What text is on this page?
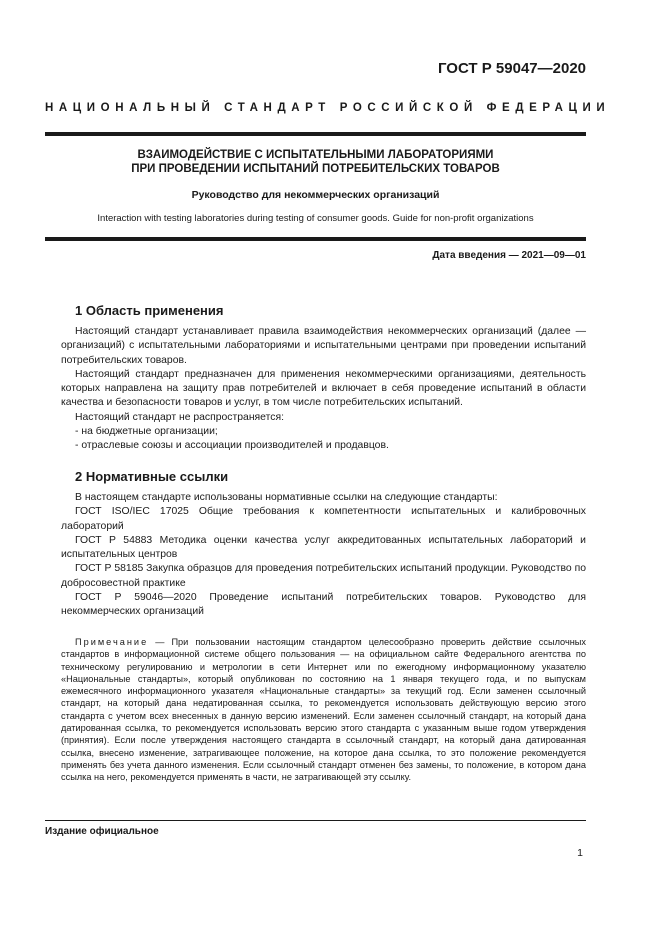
ГОСТ Р 59047—2020
НАЦИОНАЛЬНЫЙ СТАНДАРТ РОССИЙСКОЙ ФЕДЕРАЦИИ
ВЗАИМОДЕЙСТВИЕ С ИСПЫТАТЕЛЬНЫМИ ЛАБОРАТОРИЯМИ
ПРИ ПРОВЕДЕНИИ ИСПЫТАНИЙ ПОТРЕБИТЕЛЬСКИХ ТОВАРОВ
Руководство для некоммерческих организаций
Interaction with testing laboratories during testing of consumer goods. Guide for non-profit organizations
Дата введения — 2021—09—01
1 Область применения

Настоящий стандарт устанавливает правила взаимодействия некоммерческих организаций (далее — организаций) с испытательными лабораториями и испытательными центрами при проведении испытаний потребительских товаров.

Настоящий стандарт предназначен для применения некоммерческими организациями, деятельность которых направлена на защиту прав потребителей и включает в себя проведение испытаний в области качества и безопасности товаров и услуг, в том числе потребительских испытаний.

Настоящий стандарт не распространяется:

- на бюджетные организации;

- отраслевые союзы и ассоциации производителей и продавцов.

2 Нормативные ссылки

В настоящем стандарте использованы нормативные ссылки на следующие стандарты:

ГОСТ ISO/IEC 17025 Общие требования к компетентности испытательных и калибровочных лабораторий

ГОСТ Р 54883 Методика оценки качества услуг аккредитованных испытательных лабораторий и испытательных центров

ГОСТ Р 58185 Закупка образцов для проведения потребительских испытаний продукции. Руководство по добросовестной практике

ГОСТ Р 59046—2020 Проведение испытаний потребительских товаров. Руководство для некоммерческих организаций

Примечание — При пользовании настоящим стандартом целесообразно проверить действие ссылочных стандартов в информационной системе общего пользования — на официальном сайте Федерального агентства по техническому регулированию и метрологии в сети Интернет или по ежегодному информационному указателю «Национальные стандарты», который опубликован по состоянию на 1 января текущего года, и по выпускам ежемесячного информационного указателя «Национальные стандарты» за текущий год. Если заменен ссылочный стандарт, на который дана недатированная ссылка, то рекомендуется использовать действующую версию этого стандарта с учетом всех внесенных в данную версию изменений. Если заменен ссылочный стандарт, на который дана датированная ссылка, то рекомендуется использовать версию этого стандарта с указанным выше годом утверждения (принятия). Если после утверждения настоящего стандарта в ссылочный стандарт, на который дана датированная ссылка, внесено изменение, затрагивающее положение, на которое дана ссылка, то это положение рекомендуется применять без учета данного изменения. Если ссылочный стандарт отменен без замены, то положение, в котором дана ссылка на него, рекомендуется применять в части, не затрагивающей эту ссылку.

Издание официальное
1
